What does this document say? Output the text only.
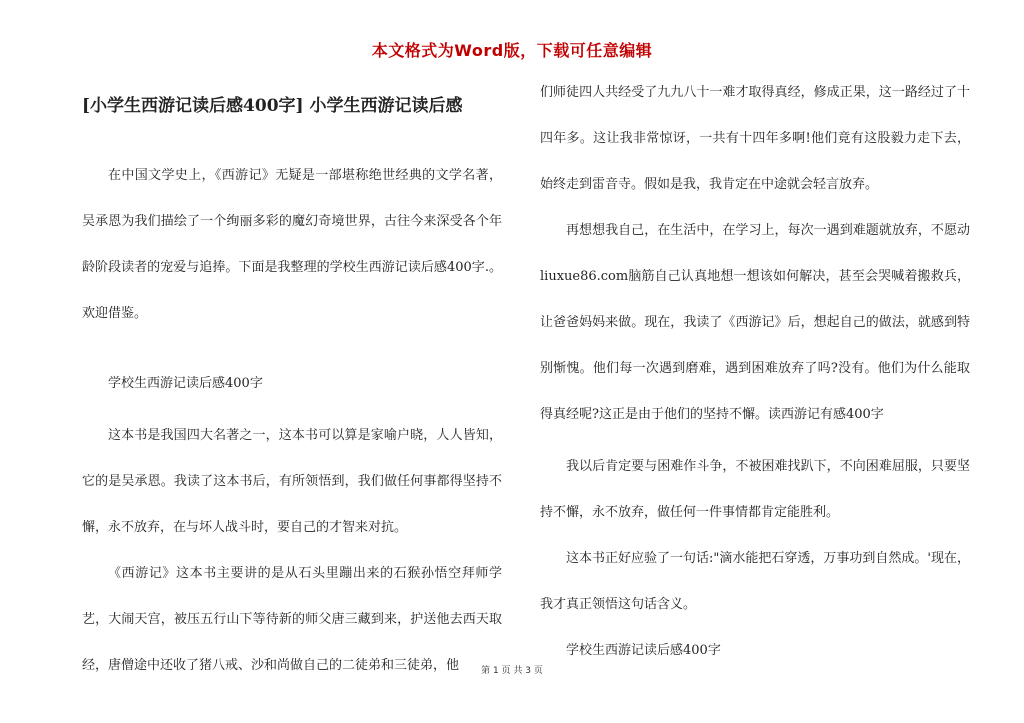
本文格式为Word版，下载可任意编辑
[小学生西游记读后感400字] 小学生西游记读后感

在中国文学史上，《西游记》无疑是一部堪称绝世经典的文学名著，吴承恩为我们描绘了一个绚丽多彩的魔幻奇境世界，古往今来深受各个年龄阶段读者的宠爱与追捧。下面是我整理的学校生西游记读后感400字.。欢迎借鉴。

学校生西游记读后感400字

这本书是我国四大名著之一，这本书可以算是家喻户晓，人人皆知，它的是吴承恩。我读了这本书后，有所领悟到，我们做任何事都得坚持不懈，永不放弃，在与坏人战斗时，要自己的才智来对抗。

《西游记》这本书主要讲的是从石头里蹦出来的石猴孙悟空拜师学艺，大闹天宫，被压五行山下等待新的师父唐三藏到来，护送他去西天取经，唐僧途中还收了猪八戒、沙和尚做自己的二徒弟和三徒弟，他

们师徒四人共经受了九九八十一难才取得真经，修成正果，这一路经过了十四年多。这让我非常惊讶，一共有十四年多啊!他们竟有这股毅力走下去，始终走到雷音寺。假如是我，我肯定在中途就会轻言放弃。

再想想我自己，在生活中，在学习上，每次一遇到难题就放弃，不愿动liuxue86.com脑筋自己认真地想一想该如何解决，甚至会哭喊着搬救兵，让爸爸妈妈来做。现在，我读了《西游记》后，想起自己的做法，就感到特别惭愧。他们每一次遇到磨难，遇到困难放弃了吗?没有。他们为什么能取得真经呢?这正是由于他们的坚持不懈。读西游记有感400字

我以后肯定要与困难作斗争，不被困难找趴下，不向困难屈服，只要坚持不懈，永不放弃，做任何一件事情都肯定能胜利。

这本书正好应验了一句话:"滴水能把石穿透，万事功到自然成。'现在，我才真正领悟这句话含义。

学校生西游记读后感400字

第 1 页 共 3 页
